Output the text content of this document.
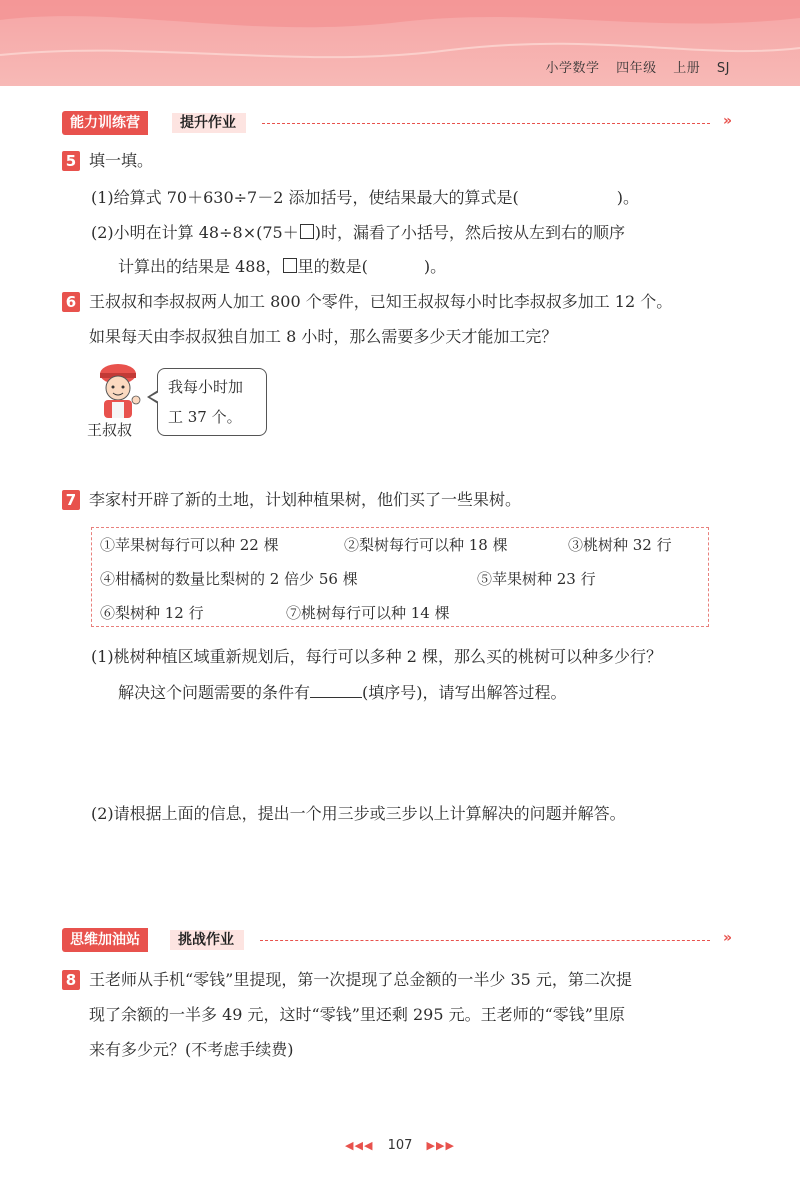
小学数学 四年级 上册 SJ
能力训练营	提升作业	»
5 填一填。
(1)给算式 70＋630÷7－2 添加括号，使结果最大的算式是(	)。
(2)小明在计算 48÷8×(75＋ )时，漏看了小括号，然后按从左到右的顺序
计算出的结果是 488， 里的数是(	)。
6 王叔叔和李叔叔两人加工 800 个零件，已知王叔叔每小时比李叔叔多加工 12 个。
如果每天由李叔叔独自加工 8 小时，那么需要多少天才能加工完？
王叔叔
我每小时加
工 37 个。
7 李家村开辟了新的土地，计划种植果树，他们买了一些果树。
①苹果树每行可以种 22 棵	②梨树每行可以种 18 棵	③桃树种 32 行
④柑橘树的数量比梨树的 2 倍少 56 棵	⑤苹果树种 23 行
⑥梨树种 12 行	⑦桃树每行可以种 14 棵
(1)桃树种植区域重新规划后，每行可以多种 2 棵，那么买的桃树可以种多少行？
解决这个问题需要的条件有	(填序号)，请写出解答过程。
(2)请根据上面的信息，提出一个用三步或三步以上计算解决的问题并解答。
思维加油站	挑战作业	»
8 王老师从手机“零钱”里提现，第一次提现了总金额的一半少 35 元，第二次提
现了余额的一半多 49 元，这时“零钱”里还剩 295 元。王老师的“零钱”里原
来有多少元？(不考虑手续费)
◀◀◀ 107 ▶▶▶
